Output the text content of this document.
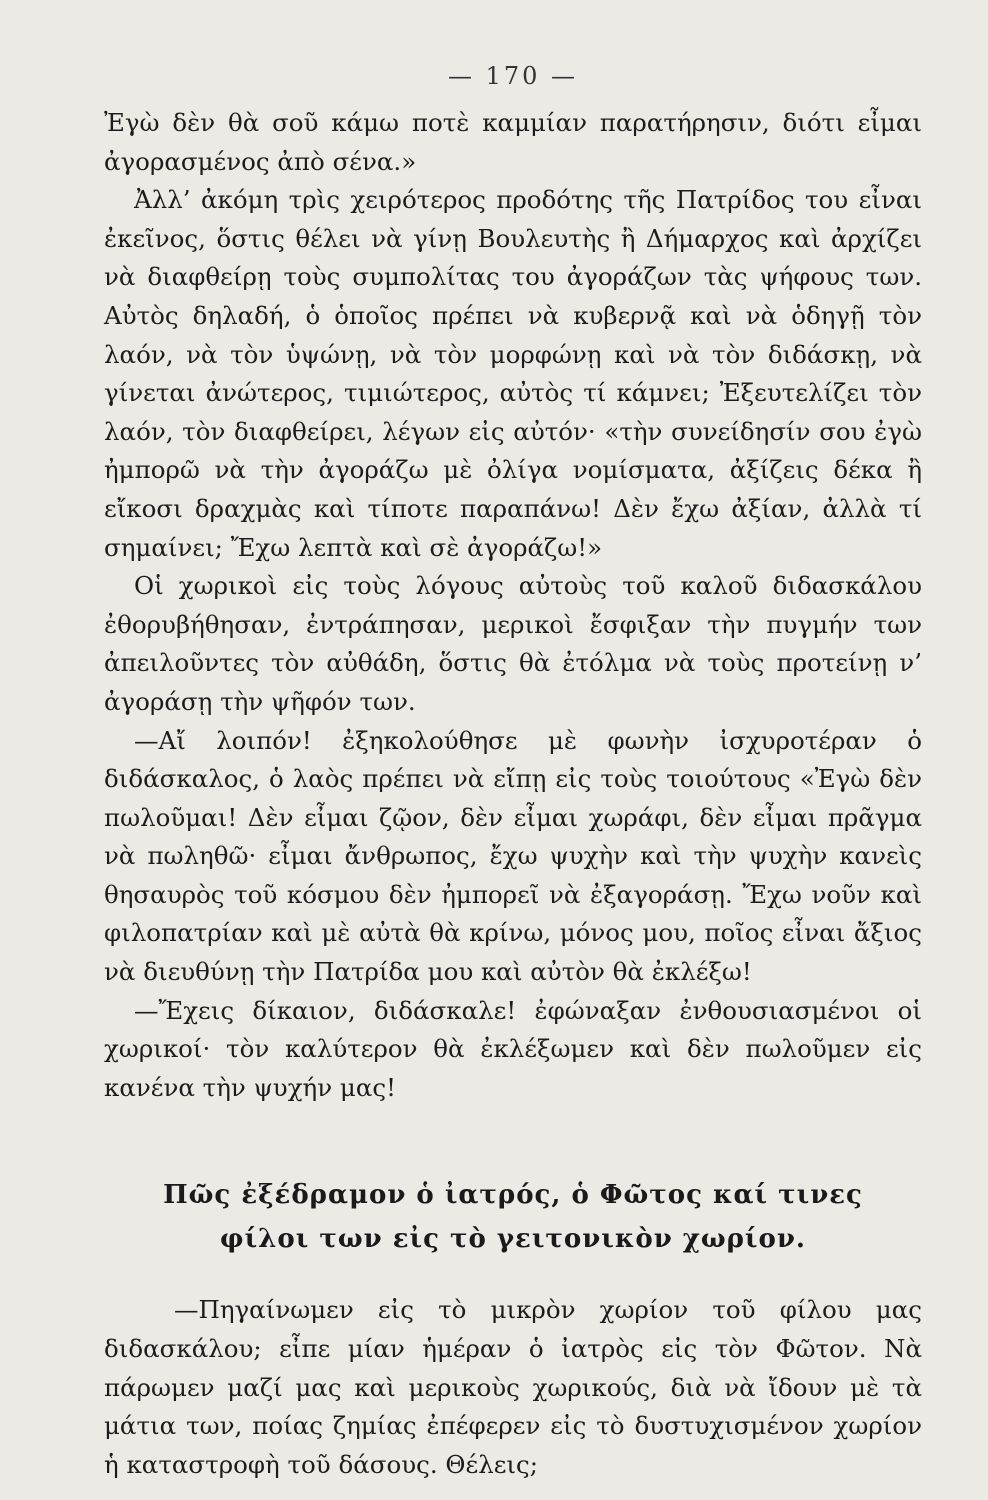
— 170 —

Ἐγὼ δὲν θὰ σοῦ κάμω ποτὲ καμμίαν παρατήρησιν, διότι εἶμαι ἀγορασμένος ἀπὸ σένα.»

Ἀλλ’ ἀκόμη τρὶς χειρότερος προδότης τῆς Πατρίδος του εἶναι ἐκεῖνος, ὅστις θέλει νὰ γίνῃ Βουλευτὴς ἢ Δήμαρχος καὶ ἀρχίζει νὰ διαφθείρῃ τοὺς συμπολίτας του ἀγοράζων τὰς ψήφους των. Αὐτὸς δηλαδή, ὁ ὁποῖος πρέπει νὰ κυβερνᾷ καὶ νὰ ὁδηγῇ τὸν λαόν, νὰ τὸν ὑψώνῃ, νὰ τὸν μορφώνῃ καὶ νὰ τὸν διδάσκῃ, νὰ γίνεται ἀνώτερος, τιμιώτερος, αὐτὸς τί κάμνει; Ἐξευτελίζει τὸν λαόν, τὸν διαφθείρει, λέγων εἰς αὐτόν· «τὴν συνείδησίν σου ἐγὼ ἠμπορῶ νὰ τὴν ἀγοράζω μὲ ὀλίγα νομίσματα, ἀξίζεις δέκα ἢ εἴκοσι δραχμὰς καὶ τίποτε παραπάνω! Δὲν ἔχω ἀξίαν, ἀλλὰ τί σημαίνει; Ἔχω λεπτὰ καὶ σὲ ἀγοράζω!»

Οἱ χωρικοὶ εἰς τοὺς λόγους αὐτοὺς τοῦ καλοῦ διδασκάλου ἐθορυβήθησαν, ἐντράπησαν, μερικοὶ ἔσφιξαν τὴν πυγμήν των ἀπειλοῦντες τὸν αὐθάδη, ὅστις θὰ ἐτόλμα νὰ τοὺς προτείνῃ ν’ ἀγοράσῃ τὴν ψῆφόν των.

—Αἴ λοιπόν! ἐξηκολούθησε μὲ φωνὴν ἰσχυροτέραν ὁ διδάσκαλος, ὁ λαὸς πρέπει νὰ εἴπῃ εἰς τοὺς τοιούτους «Ἐγὼ δὲν πωλοῦμαι! Δὲν εἶμαι ζῷον, δὲν εἶμαι χωράφι, δὲν εἶμαι πρᾶγμα νὰ πωληθῶ· εἶμαι ἄνθρωπος, ἔχω ψυχὴν καὶ τὴν ψυχὴν κανεὶς θησαυρὸς τοῦ κόσμου δὲν ἠμπορεῖ νὰ ἐξαγοράσῃ. Ἔχω νοῦν καὶ φιλοπατρίαν καὶ μὲ αὐτὰ θὰ κρίνω, μόνος μου, ποῖος εἶναι ἄξιος νὰ διευθύνῃ τὴν Πατρίδα μου καὶ αὐτὸν θὰ ἐκλέξω!

—Ἔχεις δίκαιον, διδάσκαλε! ἐφώναξαν ἐνθουσιασμένοι οἱ χωρικοί· τὸν καλύτερον θὰ ἐκλέξωμεν καὶ δὲν πωλοῦμεν εἰς κανένα τὴν ψυχήν μας!

Πῶς ἐξέδραμον ὁ ἰατρός, ὁ Φῶτος καί τινες
φίλοι των εἰς τὸ γειτονικὸν χωρίον.

—Πηγαίνωμεν εἰς τὸ μικρὸν χωρίον τοῦ φίλου μας διδασκάλου; εἶπε μίαν ἡμέραν ὁ ἰατρὸς εἰς τὸν Φῶτον. Νὰ πάρωμεν μαζί μας καὶ μερικοὺς χωρικούς, διὰ νὰ ἴδουν μὲ τὰ μάτια των, ποίας ζημίας ἐπέφερεν εἰς τὸ δυστυχισμένον χωρίον ἡ καταστροφὴ τοῦ δάσους. Θέλεις;
